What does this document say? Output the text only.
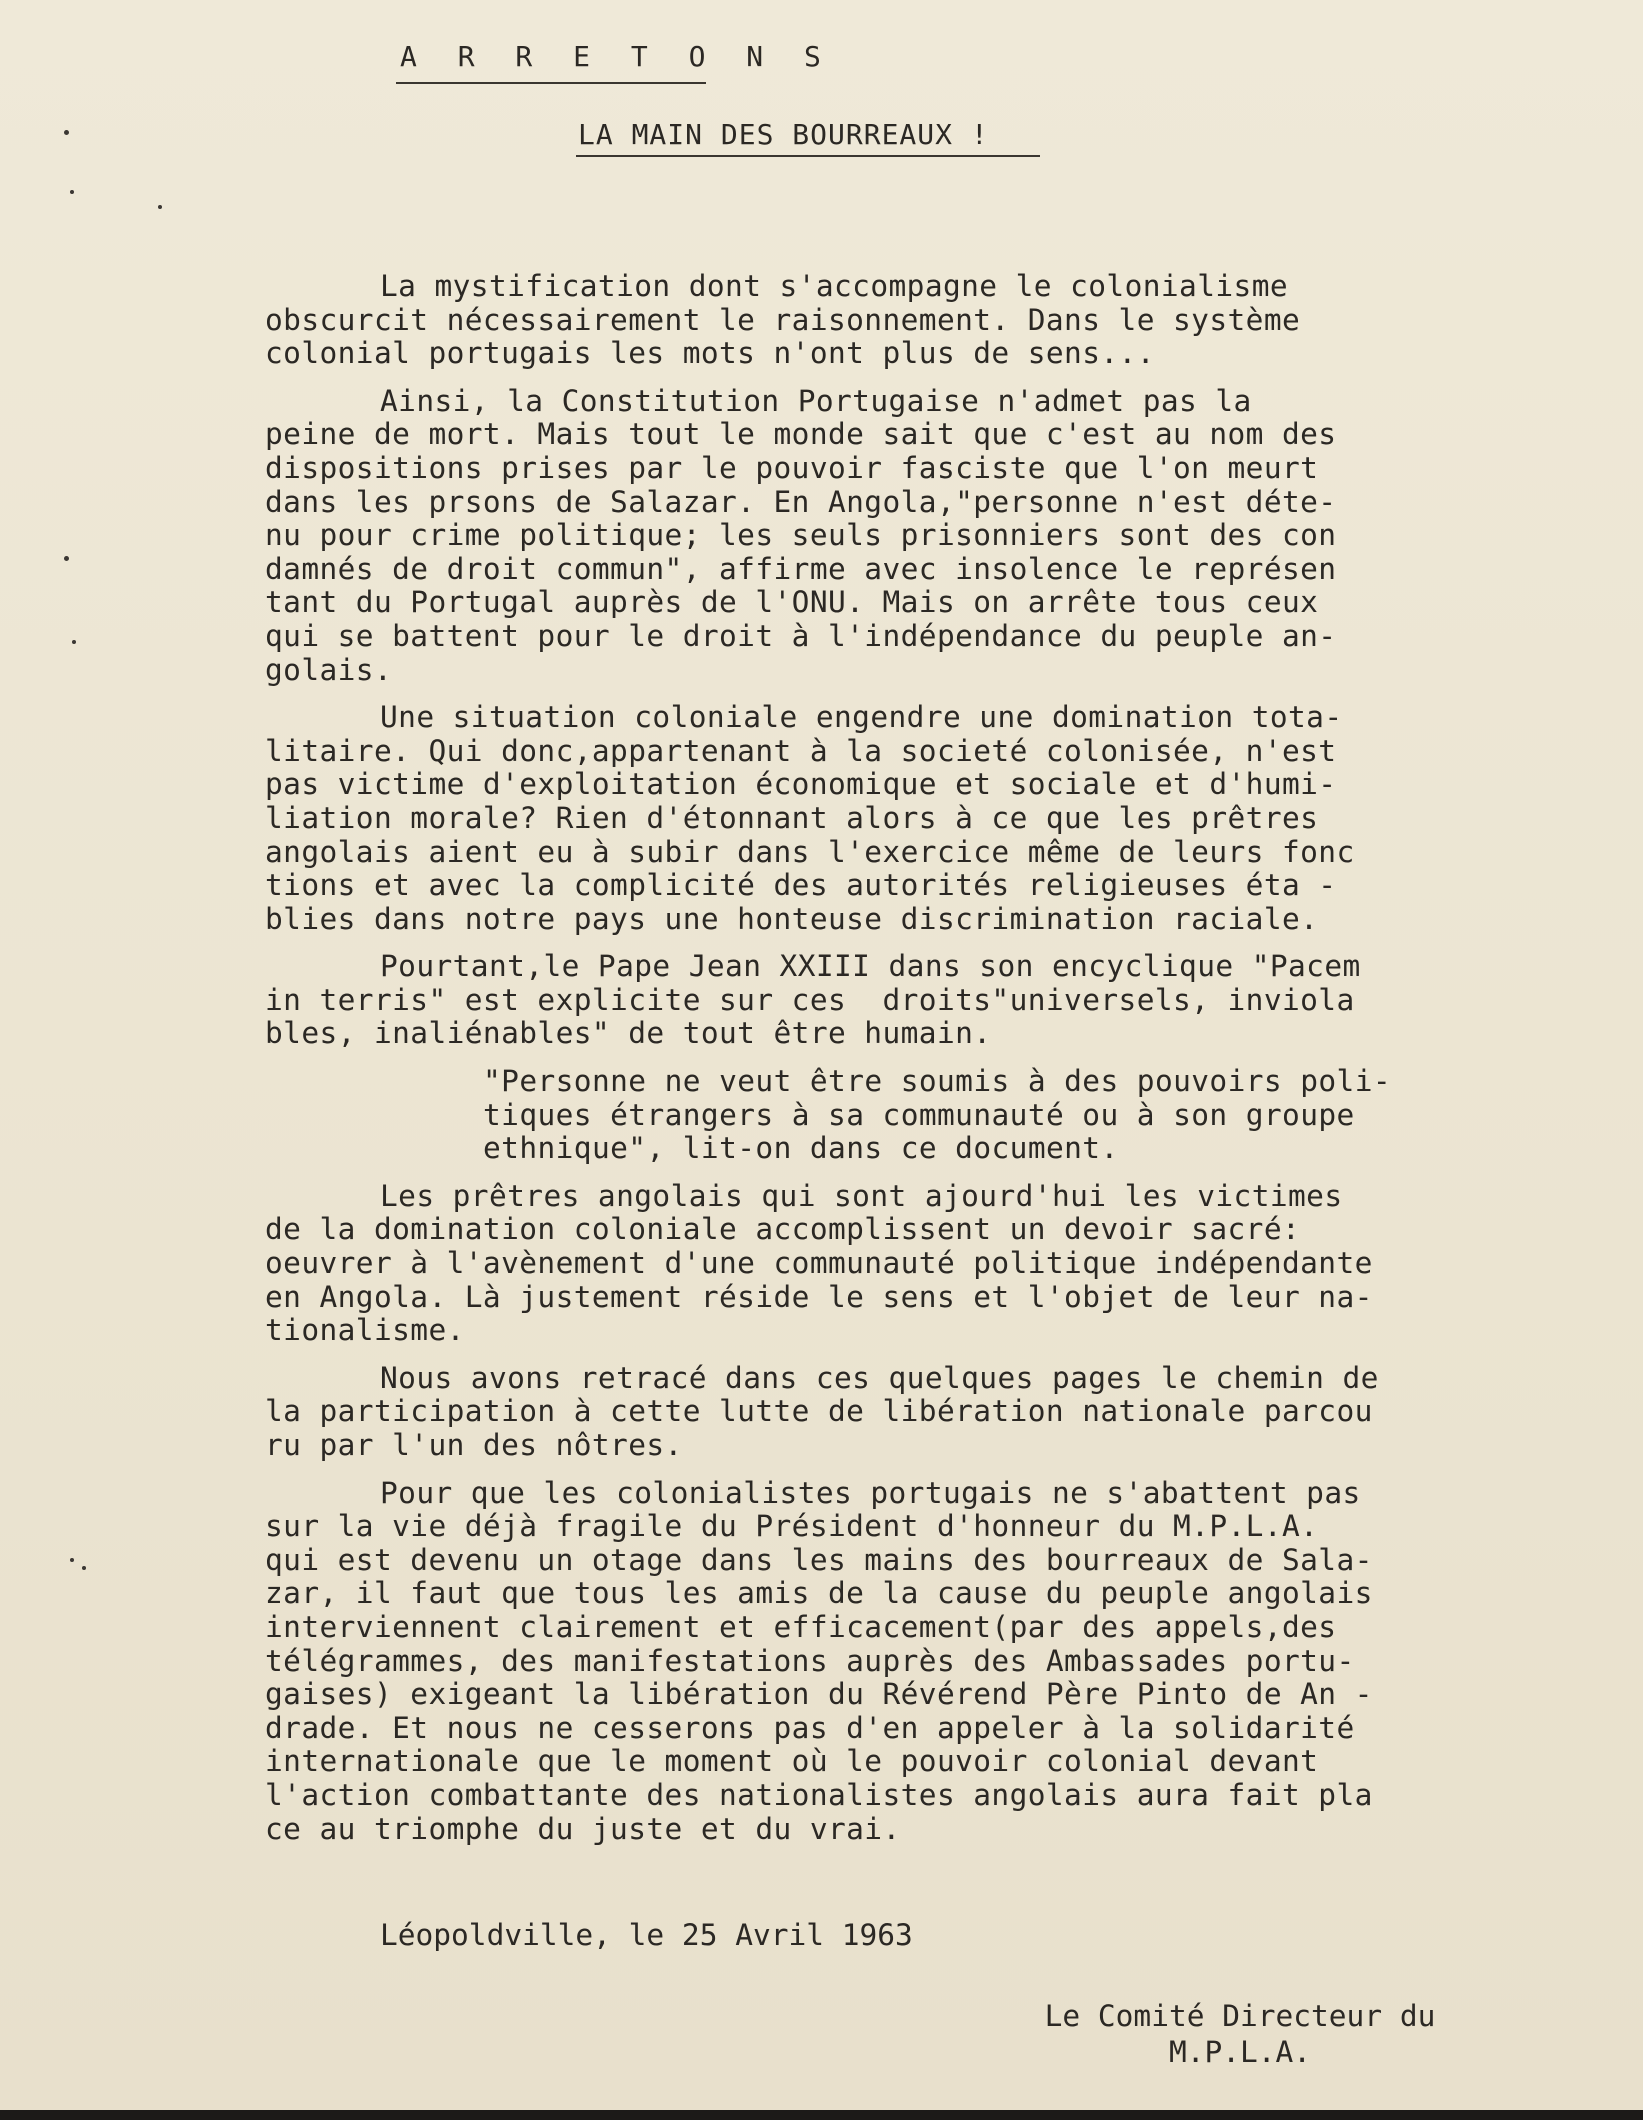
A R R E T O N S
LA MAIN DES BOURREAUX !
La mystification dont s'accompagne le colonialisme
obscurcit nécessairement le raisonnement. Dans le système
colonial portugais les mots n'ont plus de sens...
Ainsi, la Constitution Portugaise n'admet pas la
peine de mort. Mais tout le monde sait que c'est au nom des
dispositions prises par le pouvoir fasciste que l'on meurt
dans les prsons de Salazar. En Angola,"personne n'est déte-
nu pour crime politique; les seuls prisonniers sont des con
damnés de droit commun", affirme avec insolence le représen
tant du Portugal auprès de l'ONU. Mais on arrête tous ceux
qui se battent pour le droit à l'indépendance du peuple an-
golais.
Une situation coloniale engendre une domination tota-
litaire. Qui donc,appartenant à la societé colonisée, n'est
pas victime d'exploitation économique et sociale et d'humi-
liation morale? Rien d'étonnant alors à ce que les prêtres
angolais aient eu à subir dans l'exercice même de leurs fonc
tions et avec la complicité des autorités religieuses éta -
blies dans notre pays une honteuse discrimination raciale.
Pourtant,le Pape Jean XXIII dans son encyclique "Pacem
in terris" est explicite sur ces  droits"universels, inviola
bles, inaliénables" de tout être humain.
"Personne ne veut être soumis à des pouvoirs poli-
tiques étrangers à sa communauté ou à son groupe
ethnique", lit-on dans ce document.
Les prêtres angolais qui sont ajourd'hui les victimes
de la domination coloniale accomplissent un devoir sacré:
oeuvrer à l'avènement d'une communauté politique indépendante
en Angola. Là justement réside le sens et l'objet de leur na-
tionalisme.
Nous avons retracé dans ces quelques pages le chemin de
la participation à cette lutte de libération nationale parcou
ru par l'un des nôtres.
Pour que les colonialistes portugais ne s'abattent pas
sur la vie déjà fragile du Président d'honneur du M.P.L.A.
qui est devenu un otage dans les mains des bourreaux de Sala-
zar, il faut que tous les amis de la cause du peuple angolais
interviennent clairement et efficacement(par des appels,des
télégrammes, des manifestations auprès des Ambassades portu-
gaises) exigeant la libération du Révérend Père Pinto de An -
drade. Et nous ne cesserons pas d'en appeler à la solidarité
internationale que le moment où le pouvoir colonial devant
l'action combattante des nationalistes angolais aura fait pla
ce au triomphe du juste et du vrai.
Léopoldville, le 25 Avril 1963
Le Comité Directeur du
M.P.L.A.
